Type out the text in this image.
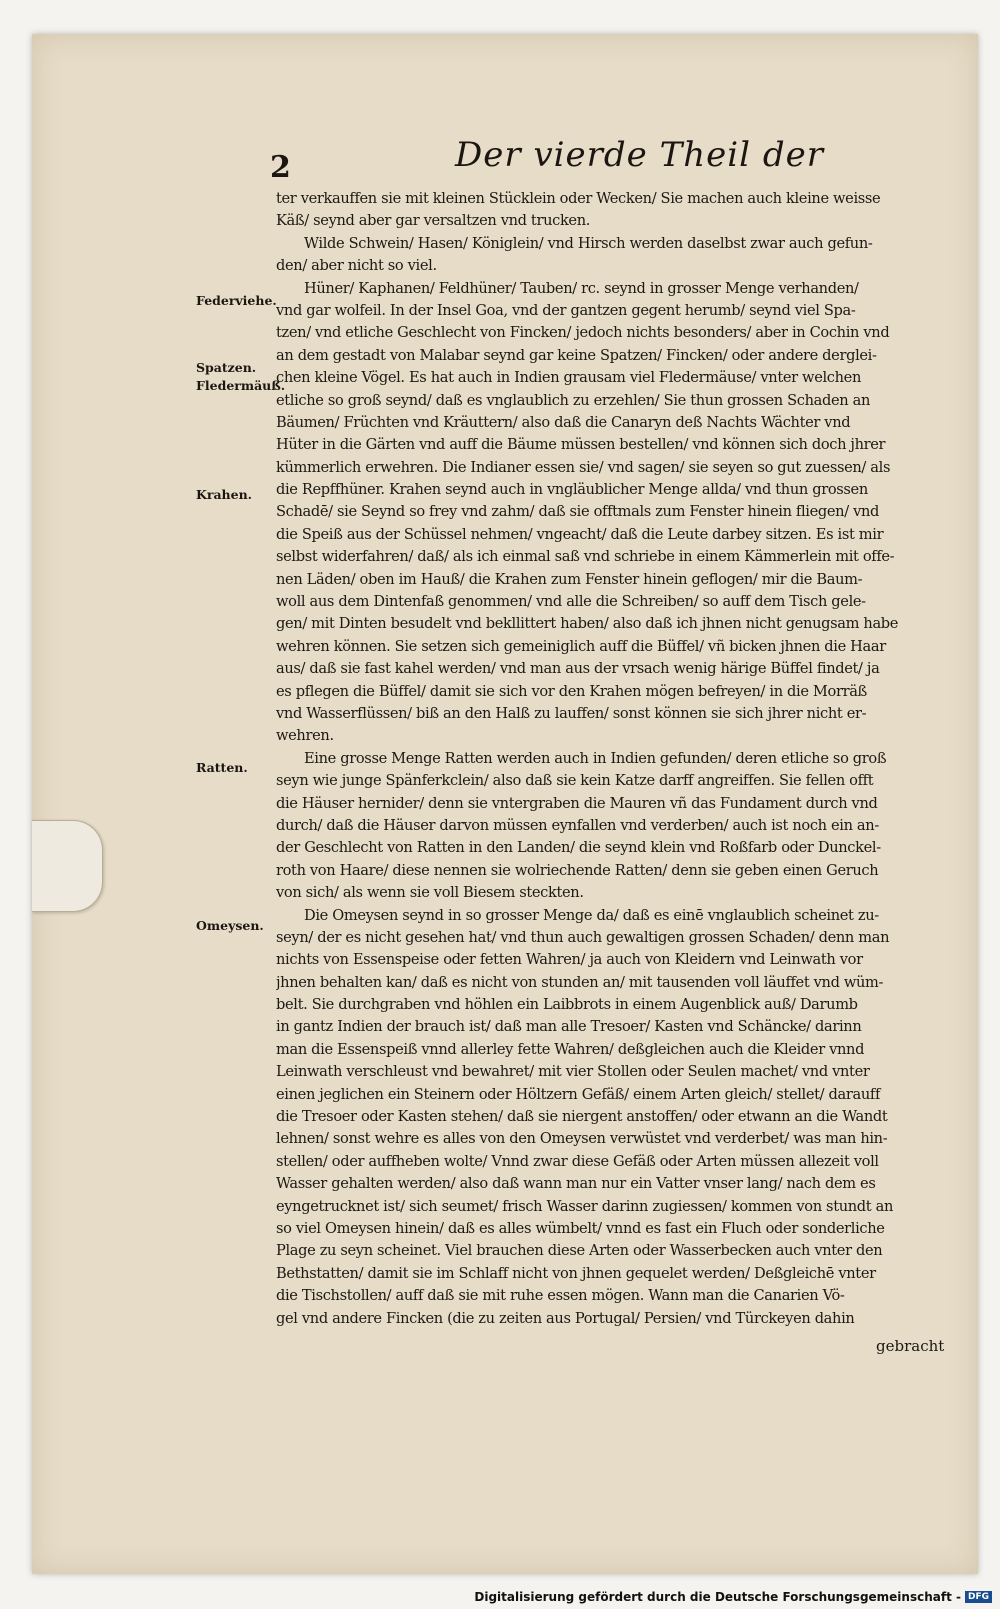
2	Der vierde Theil der
Federviehe.
Spatzen.
Fledermäuß.
Krahen.
Ratten.
Omeysen.
ter verkauffen sie mit kleinen Stücklein oder Wecken/ Sie machen auch kleine weisse
Käß/ seynd aber gar versaltzen vnd trucken.
Wilde Schwein/ Hasen/ Königlein/ vnd Hirsch werden daselbst zwar auch gefun-
den/ aber nicht so viel.
Hüner/ Kaphanen/ Feldhüner/ Tauben/ rc. seynd in grosser Menge verhanden/
vnd gar wolfeil. In der Insel Goa, vnd der gantzen gegent herumb/ seynd viel Spa-
tzen/ vnd etliche Geschlecht von Fincken/ jedoch nichts besonders/ aber in Cochin vnd
an dem gestadt von Malabar seynd gar keine Spatzen/ Fincken/ oder andere derglei-
chen kleine Vögel. Es hat auch in Indien grausam viel Fledermäuse/ vnter welchen
etliche so groß seynd/ daß es vnglaublich zu erzehlen/ Sie thun grossen Schaden an
Bäumen/ Früchten vnd Kräuttern/ also daß die Canaryn deß Nachts Wächter vnd
Hüter in die Gärten vnd auff die Bäume müssen bestellen/ vnd können sich doch jhrer
kümmerlich erwehren. Die Indianer essen sie/ vnd sagen/ sie seyen so gut zuessen/ als
die Repffhüner. Krahen seynd auch in vngläublicher Menge allda/ vnd thun grossen
Schadē/ sie Seynd so frey vnd zahm/ daß sie offtmals zum Fenster hinein fliegen/ vnd
die Speiß aus der Schüssel nehmen/ vngeacht/ daß die Leute darbey sitzen. Es ist mir
selbst widerfahren/ daß/ als ich einmal saß vnd schriebe in einem Kämmerlein mit offe-
nen Läden/ oben im Hauß/ die Krahen zum Fenster hinein geflogen/ mir die Baum-
woll aus dem Dintenfaß genommen/ vnd alle die Schreiben/ so auff dem Tisch gele-
gen/ mit Dinten besudelt vnd bekllittert haben/ also daß ich jhnen nicht genugsam habe
wehren können. Sie setzen sich gemeiniglich auff die Büffel/ vñ bicken jhnen die Haar
aus/ daß sie fast kahel werden/ vnd man aus der vrsach wenig härige Büffel findet/ ja
es pflegen die Büffel/ damit sie sich vor den Krahen mögen befreyen/ in die Morräß
vnd Wasserflüssen/ biß an den Halß zu lauffen/ sonst können sie sich jhrer nicht er-
wehren.
Eine grosse Menge Ratten werden auch in Indien gefunden/ deren etliche so groß
seyn wie junge Spänferkclein/ also daß sie kein Katze darff angreiffen. Sie fellen offt
die Häuser hernider/ denn sie vntergraben die Mauren vñ das Fundament durch vnd
durch/ daß die Häuser darvon müssen eynfallen vnd verderben/ auch ist noch ein an-
der Geschlecht von Ratten in den Landen/ die seynd klein vnd Roßfarb oder Dunckel-
roth von Haare/ diese nennen sie wolriechende Ratten/ denn sie geben einen Geruch
von sich/ als wenn sie voll Biesem steckten.
Die Omeysen seynd in so grosser Menge da/ daß es einē vnglaublich scheinet zu-
seyn/ der es nicht gesehen hat/ vnd thun auch gewaltigen grossen Schaden/ denn man
nichts von Essenspeise oder fetten Wahren/ ja auch von Kleidern vnd Leinwath vor
jhnen behalten kan/ daß es nicht von stunden an/ mit tausenden voll läuffet vnd wüm-
belt. Sie durchgraben vnd höhlen ein Laibbrots in einem Augenblick auß/ Darumb
in gantz Indien der brauch ist/ daß man alle Tresoer/ Kasten vnd Schäncke/ darinn
man die Essenspeiß vnnd allerley fette Wahren/ deßgleichen auch die Kleider vnnd
Leinwath verschleust vnd bewahret/ mit vier Stollen oder Seulen machet/ vnd vnter
einen jeglichen ein Steinern oder Höltzern Gefäß/ einem Arten gleich/ stellet/ darauff
die Tresoer oder Kasten stehen/ daß sie niergent anstoffen/ oder etwann an die Wandt
lehnen/ sonst wehre es alles von den Omeysen verwüstet vnd verderbet/ was man hin-
stellen/ oder auffheben wolte/ Vnnd zwar diese Gefäß oder Arten müssen allezeit voll
Wasser gehalten werden/ also daß wann man nur ein Vatter vnser lang/ nach dem es
eyngetrucknet ist/ sich seumet/ frisch Wasser darinn zugiessen/ kommen von stundt an
so viel Omeysen hinein/ daß es alles wümbelt/ vnnd es fast ein Fluch oder sonderliche
Plage zu seyn scheinet. Viel brauchen diese Arten oder Wasserbecken auch vnter den
Bethstatten/ damit sie im Schlaff nicht von jhnen gequelet werden/ Deßgleichē vnter
die Tischstollen/ auff daß sie mit ruhe essen mögen. Wann man die Canarien Vö-
gel vnd andere Fincken (die zu zeiten aus Portugal/ Persien/ vnd Türckeyen dahin
gebracht
Digitalisierung gefördert durch die Deutsche Forschungsgemeinschaft - DFG
